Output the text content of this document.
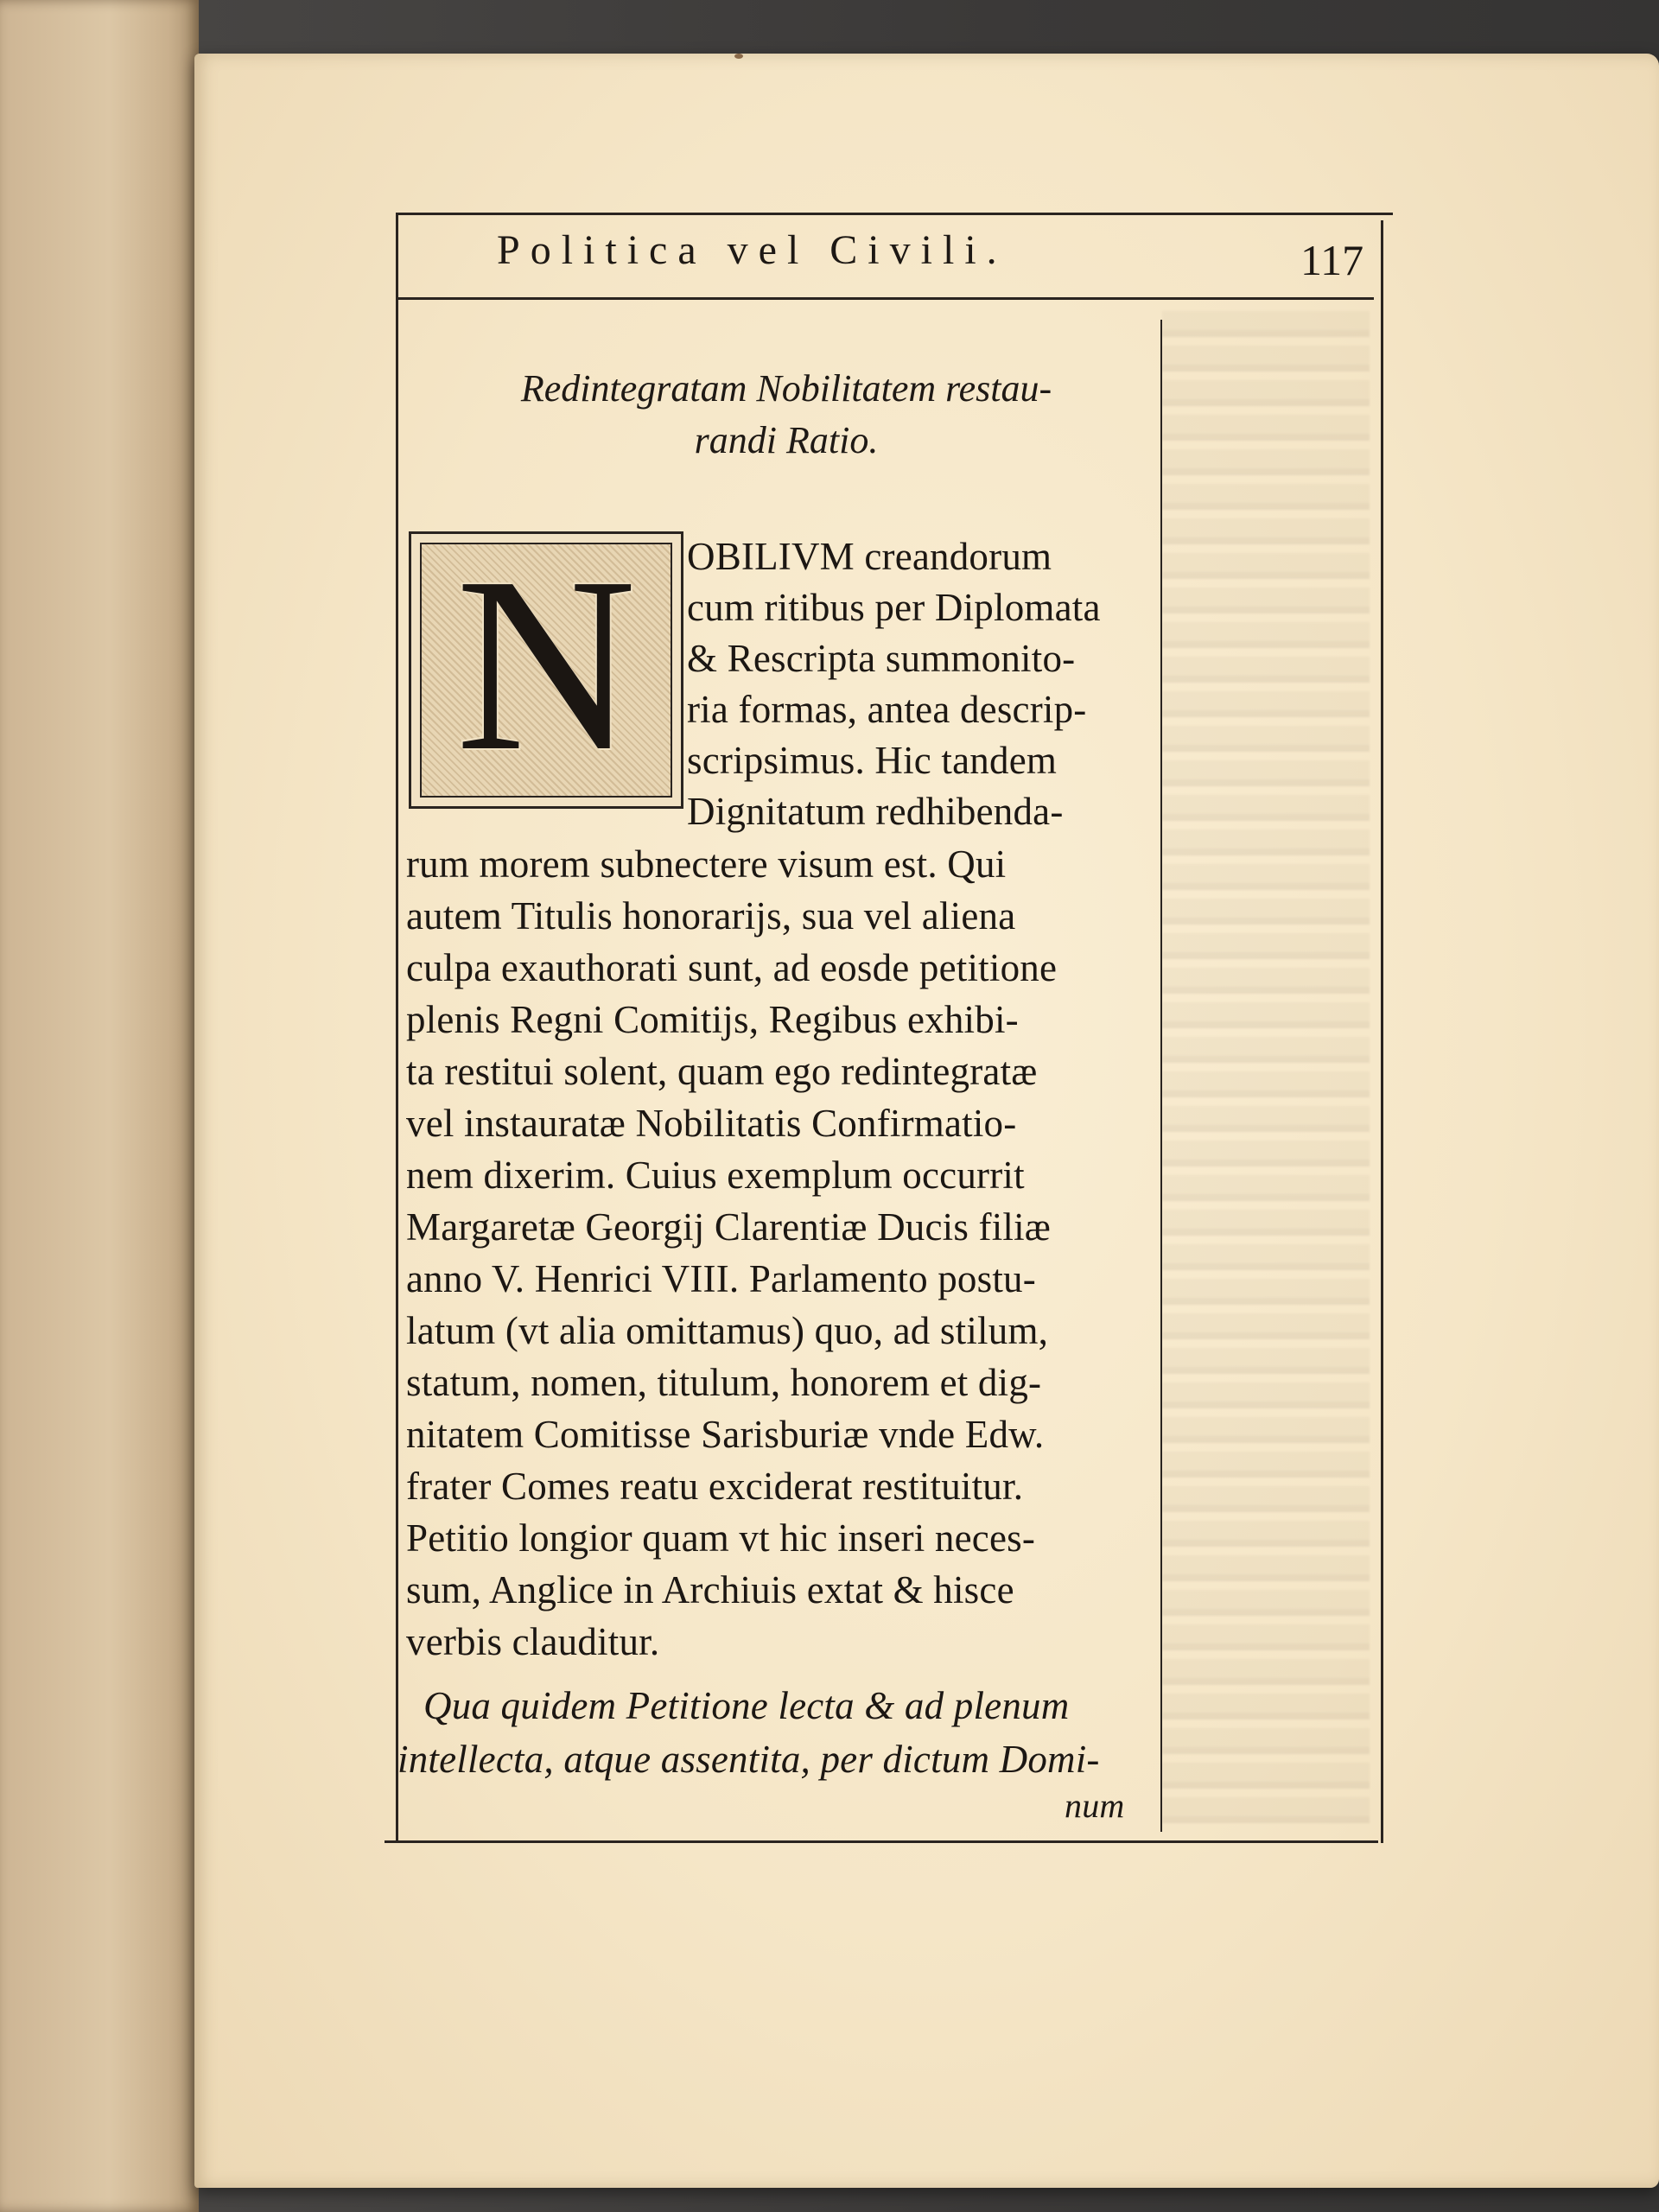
Politica vel Civili.	117
Redintegratam Nobilitatem restau-
randi Ratio.
N	OBILIVM creandorum
cum ritibus per Diplomata
& Rescripta summonito-
ria formas, antea descrip-
scripsimus. Hic tandem
Dignitatum redhibenda-
rum morem subnectere visum est. Qui
autem Titulis honorarijs, sua vel aliena
culpa exauthorati sunt, ad eosde petitione
plenis Regni Comitijs, Regibus exhibi-
ta restitui solent, quam ego redintegratæ
vel instauratæ Nobilitatis Confirmatio-
nem dixerim. Cuius exemplum occurrit
Margaretæ Georgij Clarentiæ Ducis filiæ
anno V. Henrici VIII. Parlamento postu-
latum (vt alia omittamus) quo, ad stilum,
statum, nomen, titulum, honorem et dig-
nitatem Comitisse Sarisburiæ vnde Edw.
frater Comes reatu exciderat restituitur.
Petitio longior quam vt hic inseri neces-
sum, Anglice in Archiuis extat & hisce
verbis clauditur.
Qua quidem Petitione lecta & ad plenum
intellecta, atque assentita, per dictum Domi-
num
